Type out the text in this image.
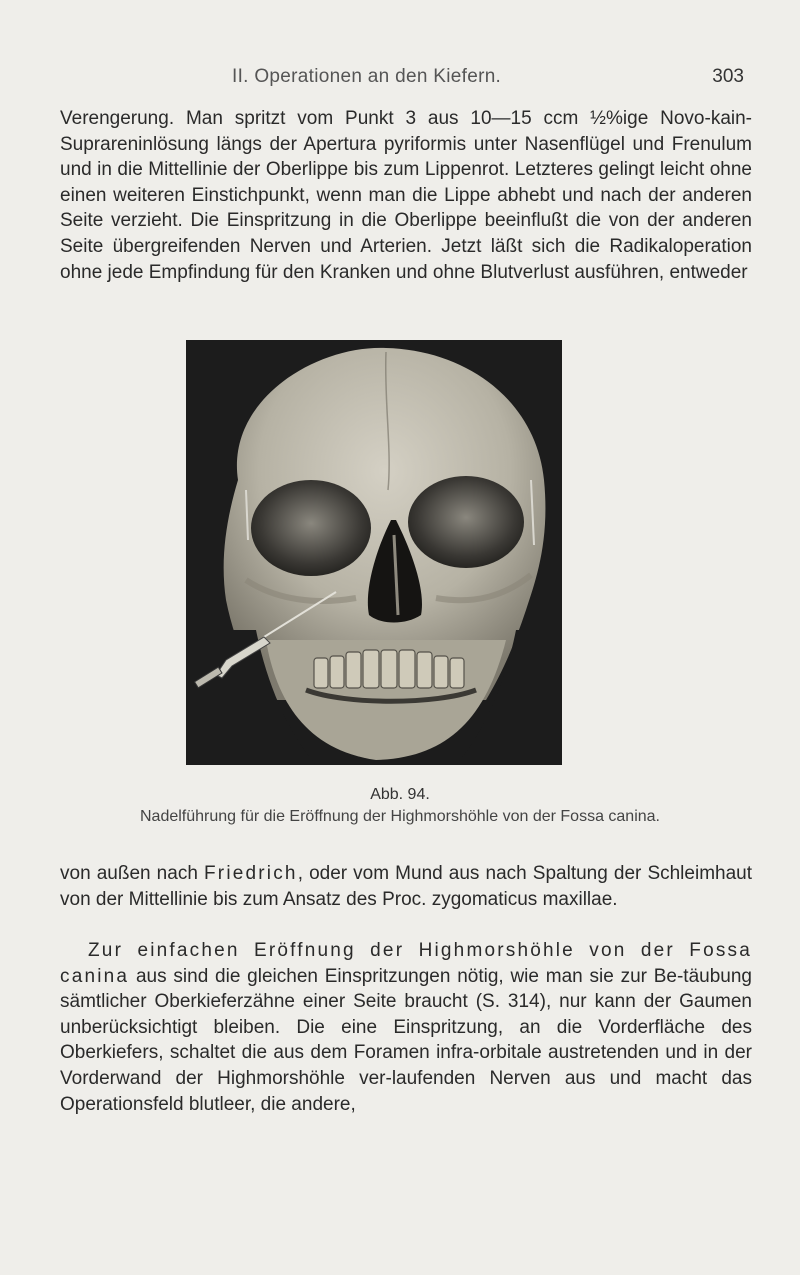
II. Operationen an den Kiefern.	303

Verengerung. Man spritzt vom Punkt 3 aus 10—15 ccm ½%ige Novo-kain-Suprareninlösung längs der Apertura pyriformis unter Nasenflügel und Frenulum und in die Mittellinie der Oberlippe bis zum Lippenrot. Letzteres gelingt leicht ohne einen weiteren Einstichpunkt, wenn man die Lippe abhebt und nach der anderen Seite verzieht. Die Einspritzung in die Oberlippe beeinflußt die von der anderen Seite übergreifenden Nerven und Arterien. Jetzt läßt sich die Radikaloperation ohne jede Empfindung für den Kranken und ohne Blutverlust ausführen, entweder

Abb. 94.
Nadelführung für die Eröffnung der Highmorshöhle von der Fossa canina.

von außen nach Friedrich, oder vom Mund aus nach Spaltung der Schleimhaut von der Mittellinie bis zum Ansatz des Proc. zygomaticus maxillae.

Zur einfachen Eröffnung der Highmorshöhle von der Fossa canina aus sind die gleichen Einspritzungen nötig, wie man sie zur Be-täubung sämtlicher Oberkieferzähne einer Seite braucht (S. 314), nur kann der Gaumen unberücksichtigt bleiben. Die eine Einspritzung, an die Vorderfläche des Oberkiefers, schaltet die aus dem Foramen infra-orbitale austretenden und in der Vorderwand der Highmorshöhle ver-laufenden Nerven aus und macht das Operationsfeld blutleer, die andere,
